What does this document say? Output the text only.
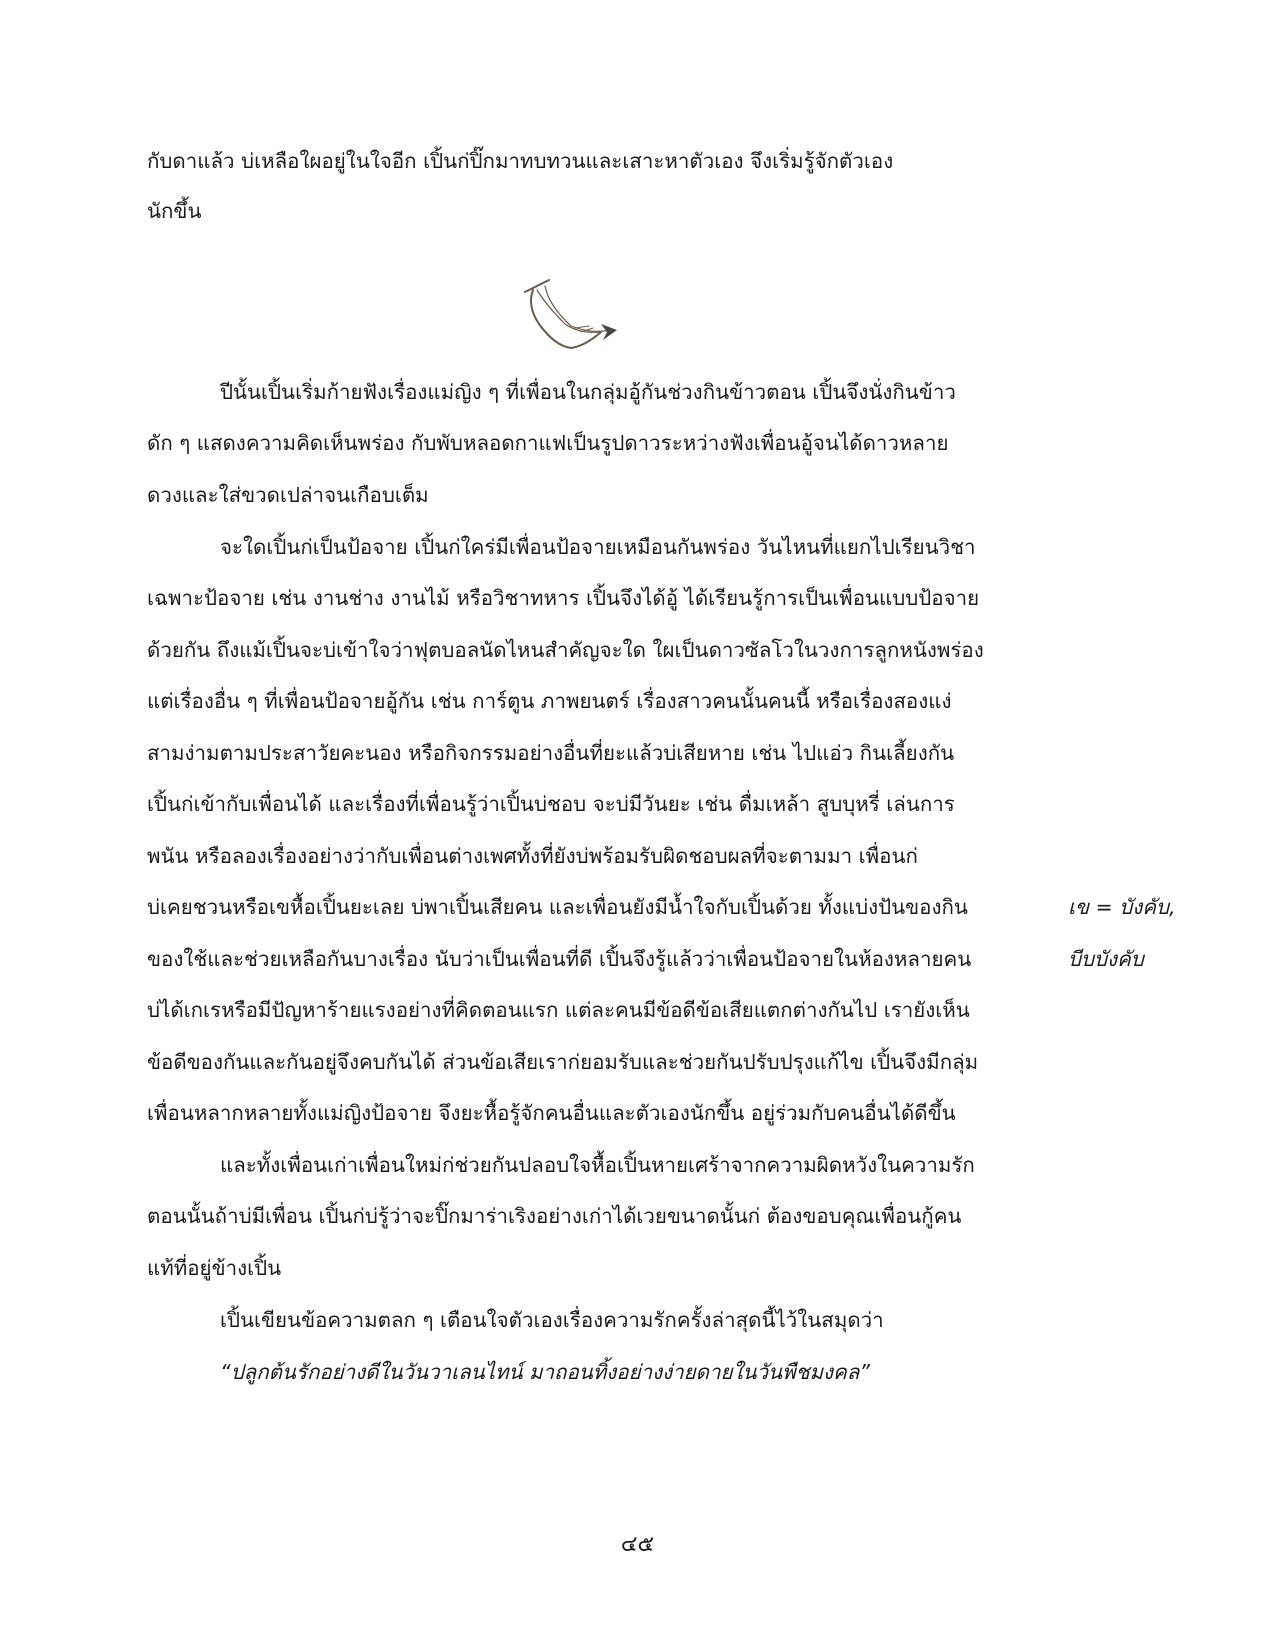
กับดาแล้ว บ่เหลือใผอยู่ในใจอีก เปิ้นก่ปิ๊กมาทบทวนและเสาะหาตัวเอง จึงเริ่มรู้จักตัวเอง

นักขึ้น

ปีนั้นเปิ้นเริ่มก้ายฟังเรื่องแม่ญิง ๆ ที่เพื่อนในกลุ่มอู้กันช่วงกินข้าวตอน เปิ้นจึงนั่งกินข้าว

ดัก ๆ แสดงความคิดเห็นพร่อง กับพับหลอดกาแฟเป็นรูปดาวระหว่างฟังเพื่อนอู้จนได้ดาวหลาย

ดวงและใส่ขวดเปล่าจนเกือบเต็ม

จะใดเปิ้นก่เป็นป้อจาย เปิ้นก่ใคร่มีเพื่อนป้อจายเหมือนกันพร่อง วันไหนที่แยกไปเรียนวิชา

เฉพาะป้อจาย เช่น งานช่าง งานไม้ หรือวิชาทหาร เปิ้นจึงได้อู้ ได้เรียนรู้การเป็นเพื่อนแบบป้อจาย

ด้วยกัน ถึงแม้เปิ้นจะบ่เข้าใจว่าฟุตบอลนัดไหนสำคัญจะใด ใผเป็นดาวซัลโวในวงการลูกหนังพร่อง

แต่เรื่องอื่น ๆ ที่เพื่อนป้อจายอู้กัน เช่น การ์ตูน ภาพยนตร์ เรื่องสาวคนนั้นคนนี้ หรือเรื่องสองแง่

สามง่ามตามประสาวัยคะนอง หรือกิจกรรมอย่างอื่นที่ยะแล้วบ่เสียหาย เช่น ไปแอ่ว กินเลี้ยงกัน

เปิ้นก่เข้ากับเพื่อนได้ และเรื่องที่เพื่อนรู้ว่าเปิ้นบ่ชอบ จะบ่มีวันยะ เช่น ดื่มเหล้า สูบบุหรี่ เล่นการ

พนัน หรือลองเรื่องอย่างว่ากับเพื่อนต่างเพศทั้งที่ยังบ่พร้อมรับผิดชอบผลที่จะตามมา เพื่อนก่

บ่เคยชวนหรือเขหื้อเปิ้นยะเลย บ่พาเปิ้นเสียคน และเพื่อนยังมีน้ำใจกับเปิ้นด้วย ทั้งแบ่งปันของกิน

ของใช้และช่วยเหลือกันบางเรื่อง นับว่าเป็นเพื่อนที่ดี เปิ้นจึงรู้แล้วว่าเพื่อนป้อจายในห้องหลายคน

บ่ได้เกเรหรือมีปัญหาร้ายแรงอย่างที่คิดตอนแรก แต่ละคนมีข้อดีข้อเสียแตกต่างกันไป เรายังเห็น

ข้อดีของกันและกันอยู่จึงคบกันได้ ส่วนข้อเสียเราก่ยอมรับและช่วยกันปรับปรุงแก้ไข เปิ้นจึงมีกลุ่ม

เพื่อนหลากหลายทั้งแม่ญิงป้อจาย จึงยะหื้อรู้จักคนอื่นและตัวเองนักขึ้น อยู่ร่วมกับคนอื่นได้ดีขึ้น

และทั้งเพื่อนเก่าเพื่อนใหม่ก่ช่วยกันปลอบใจหื้อเปิ้นหายเศร้าจากความผิดหวังในความรัก

ตอนนั้นถ้าบ่มีเพื่อน เปิ้นก่บ่รู้ว่าจะปิ๊กมาร่าเริงอย่างเก่าได้เวยขนาดนั้นก่ ต้องขอบคุณเพื่อนกู้คน

แท้ที่อยู่ข้างเปิ้น

เปิ้นเขียนข้อความตลก ๆ เตือนใจตัวเองเรื่องความรักครั้งล่าสุดนี้ไว้ในสมุดว่า

“ปลูกต้นรักอย่างดีในวันวาเลนไทน์ มาถอนทิ้งอย่างง่ายดายในวันพืชมงคล”

เข = บังคับ,

บีบบังคับ

๔๕
